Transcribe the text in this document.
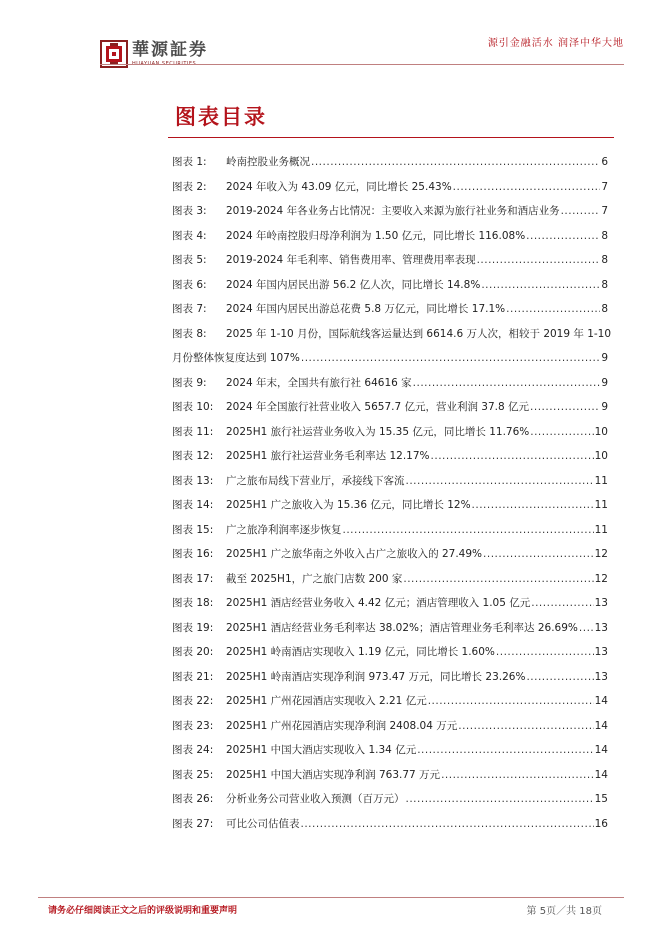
華源証券	源引金融活水 润泽中华大地
图表目录
图表 1:	岭南控股业务概况 .....	6
图表 2:	2024 年收入为 43.09 亿元，同比增长 25.43% .....	7
图表 3:	2019-2024 年各业务占比情况：主要收入来源为旅行社业务和酒店业务 .....	7
图表 4:	2024 年岭南控股归母净利润为 1.50 亿元，同比增长 116.08% .....	8
图表 5:	2019-2024 年毛利率、销售费用率、管理费用率表现 .....	8
图表 6:	2024 年国内居民出游 56.2 亿人次，同比增长 14.8% .....	8
图表 7:	2024 年国内居民出游总花费 5.8 万亿元，同比增长 17.1% .....	8
图表 8:	2025 年 1-10 月份，国际航线客运量达到 6614.6 万人次，相较于 2019 年 1-10
月份整体恢复度达到 107% .....	9
图表 9:	2024 年末，全国共有旅行社 64616 家 .....	9
图表 10:	2024 年全国旅行社营业收入 5657.7 亿元，营业利润 37.8 亿元 .....	9
图表 11:	2025H1 旅行社运营业务收入为 15.35 亿元，同比增长 11.76% .....	10
图表 12:	2025H1 旅行社运营业务毛利率达 12.17% .....	10
图表 13:	广之旅布局线下营业厅，承接线下客流 .....	11
图表 14:	2025H1 广之旅收入为 15.36 亿元，同比增长 12% .....	11
图表 15:	广之旅净利润率逐步恢复 .....	11
图表 16:	2025H1 广之旅华南之外收入占广之旅收入的 27.49% .....	12
图表 17:	截至 2025H1，广之旅门店数 200 家 .....	12
图表 18:	2025H1 酒店经营业务收入 4.42 亿元；酒店管理收入 1.05 亿元 .....	13
图表 19:	2025H1 酒店经营业务毛利率达 38.02%；酒店管理业务毛利率达 26.69% ..... 13
图表 20:	2025H1 岭南酒店实现收入 1.19 亿元，同比增长 1.60% .....	13
图表 21:	2025H1 岭南酒店实现净利润 973.47 万元，同比增长 23.26% .....	13
图表 22:	2025H1 广州花园酒店实现收入 2.21 亿元 .....	14
图表 23:	2025H1 广州花园酒店实现净利润 2408.04 万元 .....	14
图表 24:	2025H1 中国大酒店实现收入 1.34 亿元 .....	14
图表 25:	2025H1 中国大酒店实现净利润 763.77 万元 .....	14
图表 26:	分析业务公司营业收入预测（百万元） .....	15
图表 27:	可比公司估值表 .....	16
请务必仔细阅读正文之后的评级说明和重要声明	第 5页／共 18页
